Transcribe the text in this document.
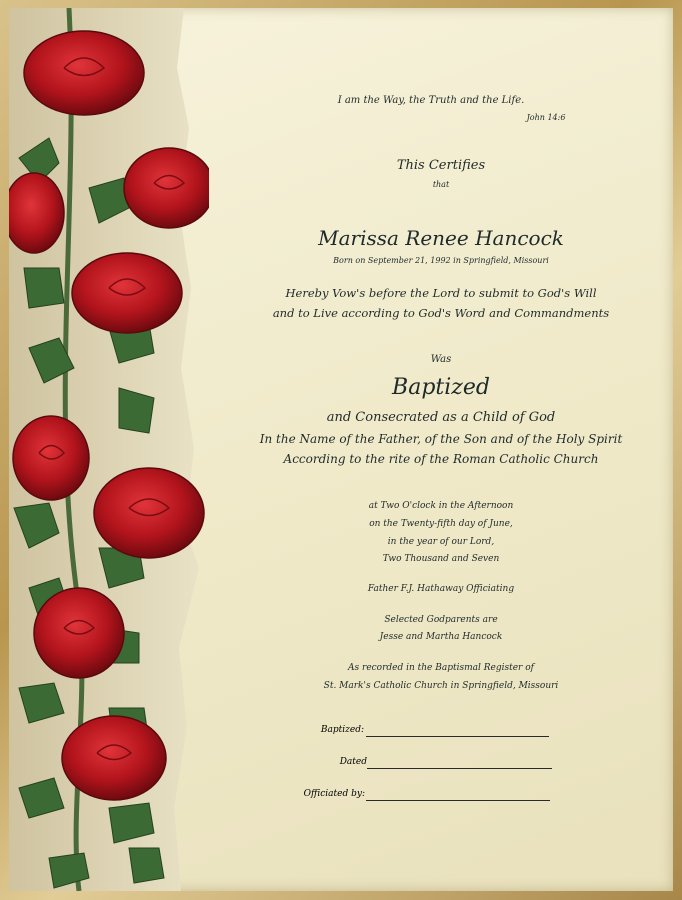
I am the Way, the Truth and the Life.
John 14:6
This Certifies
that
Marissa Renee Hancock
Born on September 21, 1992 in Springfield, Missouri
Hereby Vow's before the Lord to submit to God's Will
and to Live according to God's Word and Commandments
Was
Baptized
and Consecrated as a Child of God
In the Name of the Father, of the Son and of the Holy Spirit
According to the rite of the Roman Catholic Church
at Two O'clock in the Afternoon
on the Twenty-fifth day of June,
in the year of our Lord,
Two Thousand and Seven
Father F.J. Hathaway Officiating
Selected Godparents are
Jesse and Martha Hancock
As recorded in the Baptismal Register of
St. Mark's Catholic Church in Springfield, Missouri
Baptized:
Dated
Officiated by:
